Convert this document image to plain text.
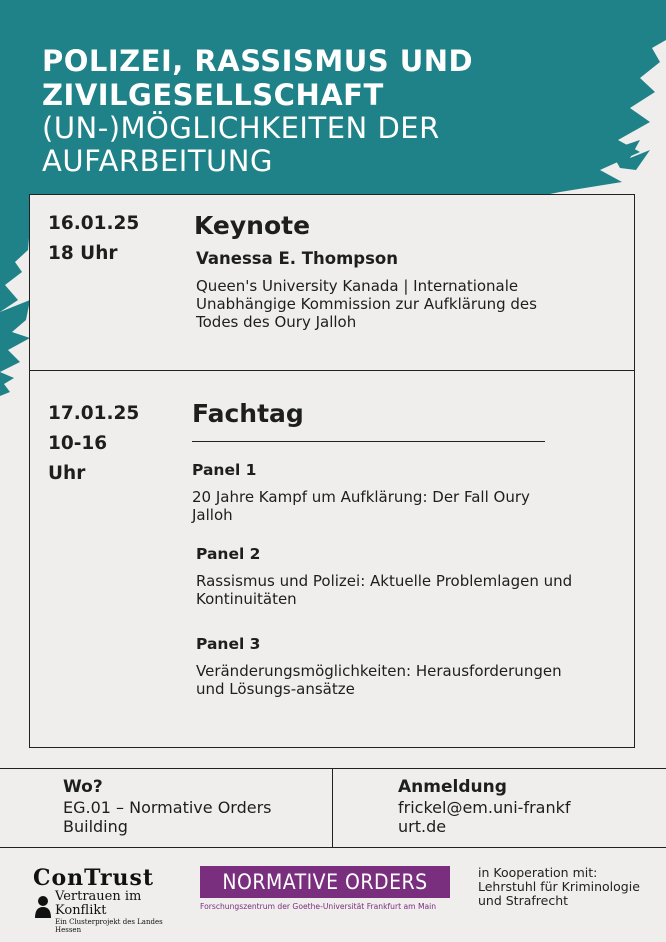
POLIZEI, RASSISMUS UND

ZIVILGESELLSCHAFT

(UN-)MÖGLICHKEITEN DER

AUFARBEITUNG

16.01.25
18 Uhr
Keynote
Vanessa E. Thompson
Queen's University Kanada | Internationale Unabhängige Kommission zur Aufklärung des Todes des Oury Jalloh
17.01.25
10-16
Uhr
Fachtag
Panel 1
20 Jahre Kampf um Aufklärung: Der Fall Oury Jalloh
Panel 2
Rassismus und Polizei: Aktuelle Problemlagen und Kontinuitäten
Panel 3
Veränderungsmöglichkeiten: Herausforderungen und Lösungs-ansätze
Wo?
EG.01 – Normative Orders Building
Anmeldung
frickel@em.uni-frankfurt.de
ConTrust
Vertrauen im Konflikt
Ein Clusterprojekt des Landes Hessen
NORMATIVE ORDERS
Forschungszentrum der Goethe-Universität Frankfurt am Main
in Kooperation mit: Lehrstuhl für Kriminologie und Strafrecht
